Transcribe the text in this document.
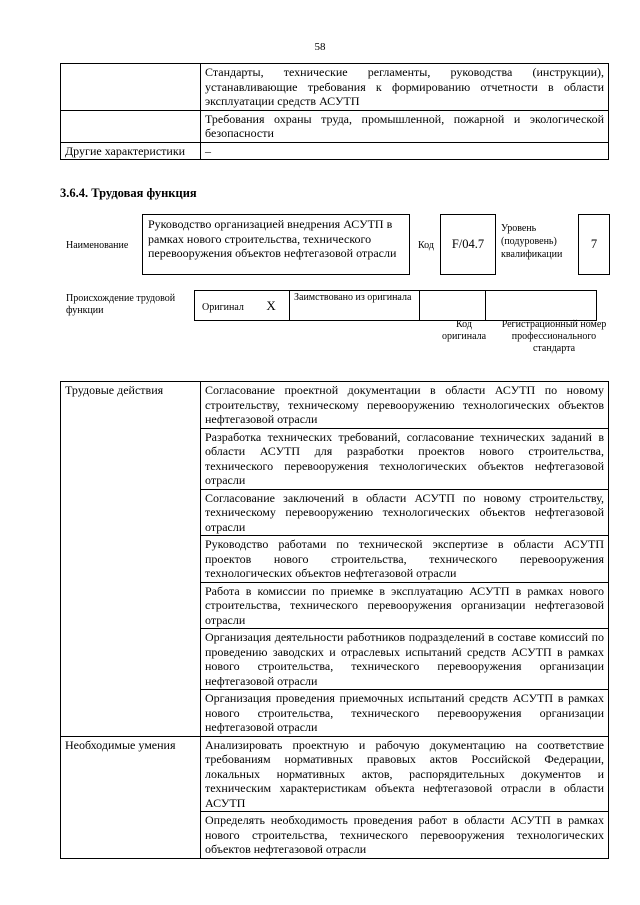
58
	Стандарты, технические регламенты, руководства (инструкции), устанавливающие требования к формированию отчетности в области эксплуатации средств АСУТП
	Требования охраны труда, промышленной, пожарной и экологической безопасности
Другие характеристики	–
3.6.4. Трудовая функция
Наименование
Руководство организацией внедрения АСУТП в рамках нового строительства, технического перевооружения объектов нефтегазовой отрасли
Код	F/04.7
Уровень (подуровень) квалификации
7
Происхождение трудовой функции	Оригинал X	Заимствовано из оригинала		
Код оригинала
Регистрационный номер профессионального стандарта
Трудовые действия	Согласование проектной документации в области АСУТП по новому строительству, техническому перевооружению технологических объектов нефтегазовой отрасли
	Разработка технических требований, согласование технических заданий в области АСУТП для разработки проектов нового строительства, технического перевооружения технологических объектов нефтегазовой отрасли
	Согласование заключений в области АСУТП по новому строительству, техническому перевооружению технологических объектов нефтегазовой отрасли
	Руководство работами по технической экспертизе в области АСУТП проектов нового строительства, технического перевооружения технологических объектов нефтегазовой отрасли
	Работа в комиссии по приемке в эксплуатацию АСУТП в рамках нового строительства, технического перевооружения организации нефтегазовой отрасли
	Организация деятельности работников подразделений в составе комиссий по проведению заводских и отраслевых испытаний средств АСУТП в рамках нового строительства, технического перевооружения организации нефтегазовой отрасли
	Организация проведения приемочных испытаний средств АСУТП в рамках нового строительства, технического перевооружения организации нефтегазовой отрасли
Необходимые умения	Анализировать проектную и рабочую документацию на соответствие требованиям нормативных правовых актов Российской Федерации, локальных нормативных актов, распорядительных документов и техническим характеристикам объекта нефтегазовой отрасли в области АСУТП
	Определять необходимость проведения работ в области АСУТП в рамках нового строительства, технического перевооружения технологических объектов нефтегазовой отрасли
